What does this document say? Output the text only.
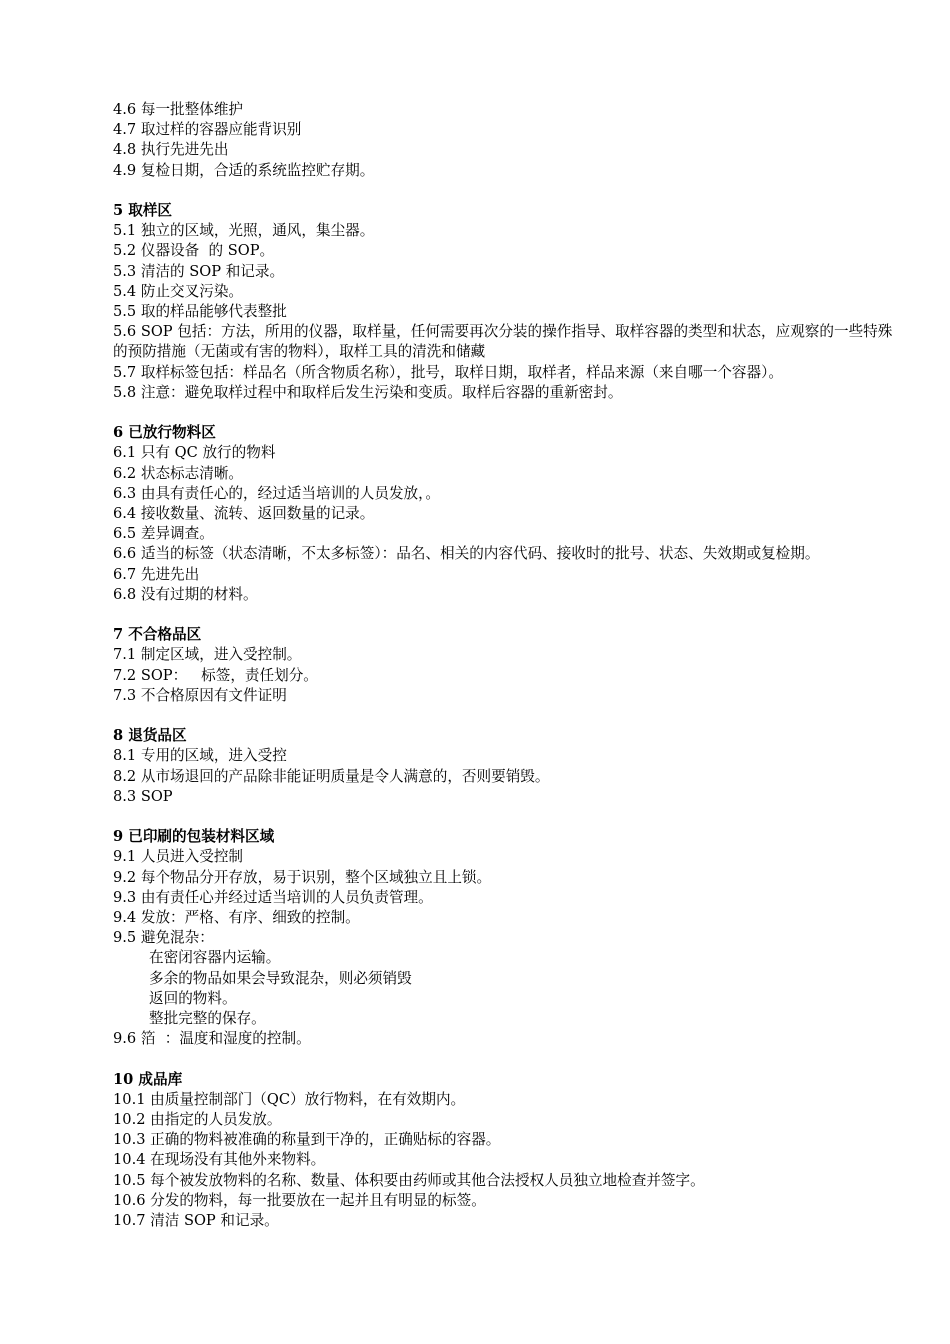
4.6 每一批整体维护
4.7 取过样的容器应能背识别
4.8 执行先进先出
4.9 复检日期，合适的系统监控贮存期。
5 取样区
5.1 独立的区域，光照，通风，集尘器。
5.2 仪器设备  的 SOP。
5.3 清洁的 SOP 和记录。
5.4 防止交叉污染。
5.5 取的样品能够代表整批
5.6 SOP 包括：方法，所用的仪器，取样量，任何需要再次分装的操作指导、取样容器的类型和状态，应观察的一些特殊的预防措施（无菌或有害的物料），取样工具的清洗和储藏
5.7 取样标签包括：样品名（所含物质名称），批号，取样日期，取样者，样品来源（来自哪一个容器）。
5.8 注意：避免取样过程中和取样后发生污染和变质。取样后容器的重新密封。
6 已放行物料区
6.1 只有 QC 放行的物料
6.2 状态标志清晰。
6.3 由具有责任心的，经过适当培训的人员发放，。
6.4 接收数量、流转、返回数量的记录。
6.5 差异调查。
6.6 适当的标签（状态清晰，不太多标签）：品名、相关的内容代码、接收时的批号、状态、失效期或复检期。
6.7 先进先出
6.8 没有过期的材料。
7 不合格品区
7.1 制定区域，进入受控制。
7.2 SOP：   标签，责任划分。
7.3 不合格原因有文件证明
8 退货品区
8.1 专用的区域，进入受控
8.2 从市场退回的产品除非能证明质量是令人满意的，否则要销毁。
8.3 SOP
9 已印刷的包装材料区域
9.1 人员进入受控制
9.2 每个物品分开存放，易于识别，整个区域独立且上锁。
9.3 由有责任心并经过适当培训的人员负责管理。
9.4 发放：严格、有序、细致的控制。
9.5 避免混杂：
在密闭容器内运输。
多余的物品如果会导致混杂，则必须销毁
返回的物料。
整批完整的保存。
9.6 箔  ：温度和湿度的控制。
10 成品库
10.1 由质量控制部门（QC）放行物料，在有效期内。
10.2 由指定的人员发放。
10.3 正确的物料被准确的称量到干净的，正确贴标的容器。
10.4 在现场没有其他外来物料。
10.5 每个被发放物料的名称、数量、体积要由药师或其他合法授权人员独立地检查并签字。
10.6 分发的物料，每一批要放在一起并且有明显的标签。
10.7 清洁 SOP 和记录。
